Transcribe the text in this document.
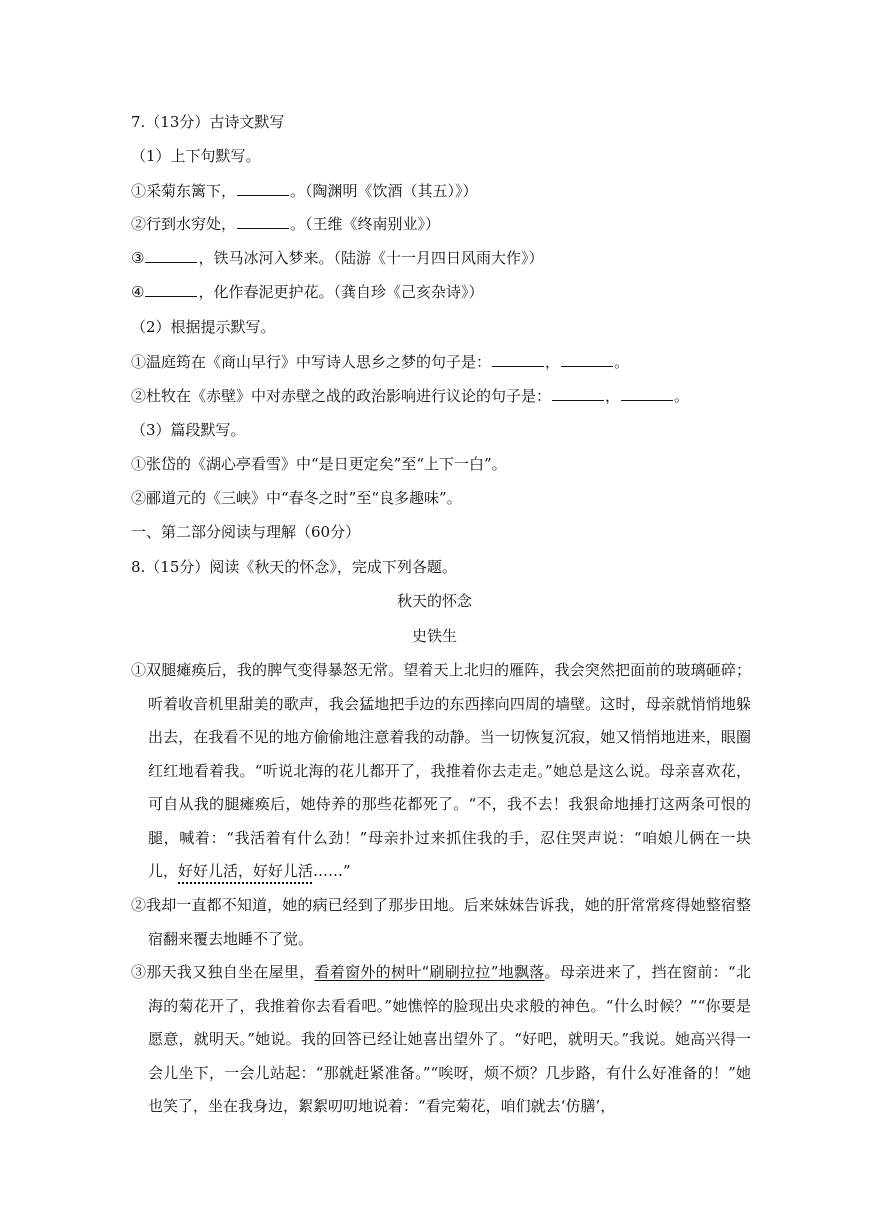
7.（13分）古诗文默写
（1）上下句默写。
①采菊东篱下，	。（陶渊明《饮酒（其五）》）
②行到水穷处，	。（王维《终南别业》）
③	，铁马冰河入梦来。（陆游《十一月四日风雨大作》）
④	，化作春泥更护花。（龚自珍《己亥杂诗》）
（2）根据提示默写。
①温庭筠在《商山早行》中写诗人思乡之梦的句子是：	，	。
②杜牧在《赤壁》中对赤壁之战的政治影响进行议论的句子是：	，	。
（3）篇段默写。
①张岱的《湖心亭看雪》中“是日更定矣”至“上下一白”。
②郦道元的《三峡》中“春冬之时”至“良多趣味”。
一、第二部分阅读与理解（60分）
8.（15分）阅读《秋天的怀念》，完成下列各题。
秋天的怀念
史铁生
①双腿瘫痪后，我的脾气变得暴怒无常。望着天上北归的雁阵，我会突然把面前的玻璃砸碎；听着收音机里甜美的歌声，我会猛地把手边的东西摔向四周的墙壁。这时，母亲就悄悄地躲出去，在我看不见的地方偷偷地注意着我的动静。当一切恢复沉寂，她又悄悄地进来，眼圈红红地看着我。“听说北海的花儿都开了，我推着你去走走。”她总是这么说。母亲喜欢花，可自从我的腿瘫痪后，她侍养的那些花都死了。“不，我不去！我狠命地捶打这两条可恨的腿，喊着：“我活着有什么劲！”母亲扑过来抓住我的手，忍住哭声说：“咱娘儿俩在一块儿，好好儿活，好好儿活……”
②我却一直都不知道，她的病已经到了那步田地。后来妹妹告诉我，她的肝常常疼得她整宿整宿翻来覆去地睡不了觉。
③那天我又独自坐在屋里，看着窗外的树叶“刷刷拉拉”地飘落。母亲进来了，挡在窗前：“北海的菊花开了，我推着你去看看吧。”她憔悴的脸现出央求般的神色。“什么时候？”“你要是愿意，就明天。”她说。我的回答已经让她喜出望外了。“好吧，就明天。”我说。她高兴得一会儿坐下，一会儿站起：“那就赶紧准备。”“唉呀，烦不烦？几步路，有什么好准备的！”她也笑了，坐在我身边，絮絮叨叨地说着：“看完菊花，咱们就去‘仿膳’，
